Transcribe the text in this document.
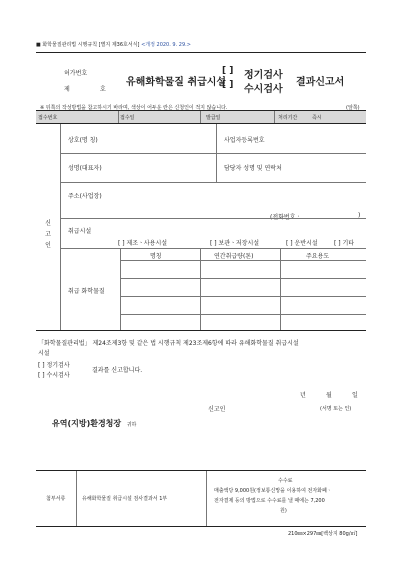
■ 화학물질관리법 시행규칙 [별지 제36호서식] <개정 2020. 9. 29.>
허가번호
제	호
유해화학물질 취급시설
[ ] 정기검사
[ ] 수시검사
결과신고서
※ 뒤쪽의 작성방법을 참고하시기 바라며, 색상이 어두운 란은 신청인이 적지 않습니다.	(앞쪽)
접수번호	접수일	발급일	처리기간	즉시
신고인
상호(명 칭)	사업자등록번호
성명(대표자)	담당자 성명 및 연락처
주소(사업장)
(전화번호 :	)
취급시설
[ ] 제조ㆍ사용시설	[ ] 보관ㆍ저장시설	[ ] 운반시설	[ ] 기타
취급 화학물질
명칭	연간취급량(톤)	주요용도
「화학물질관리법」 제24조제3항 및 같은 법 시행규칙 제23조제6항에 따라 유해화학물질 취급시설
시설
[ ] 정기검사
[ ] 수시검사
결과를 신고합니다.
년	월	일
신고인	(서명 또는 인)
유역(지방)환경청장 귀하
첨부서류	유해화학물질 취급시설 검사결과서 1부
수수료
매출액당 9,000원(정보통신망을 이용하여 전자화폐ㆍ
전자결제 등의 방법으로 수수료를 낼 때에는 7,200
원)
210㎜×297㎜[백상지 80g/㎡]
